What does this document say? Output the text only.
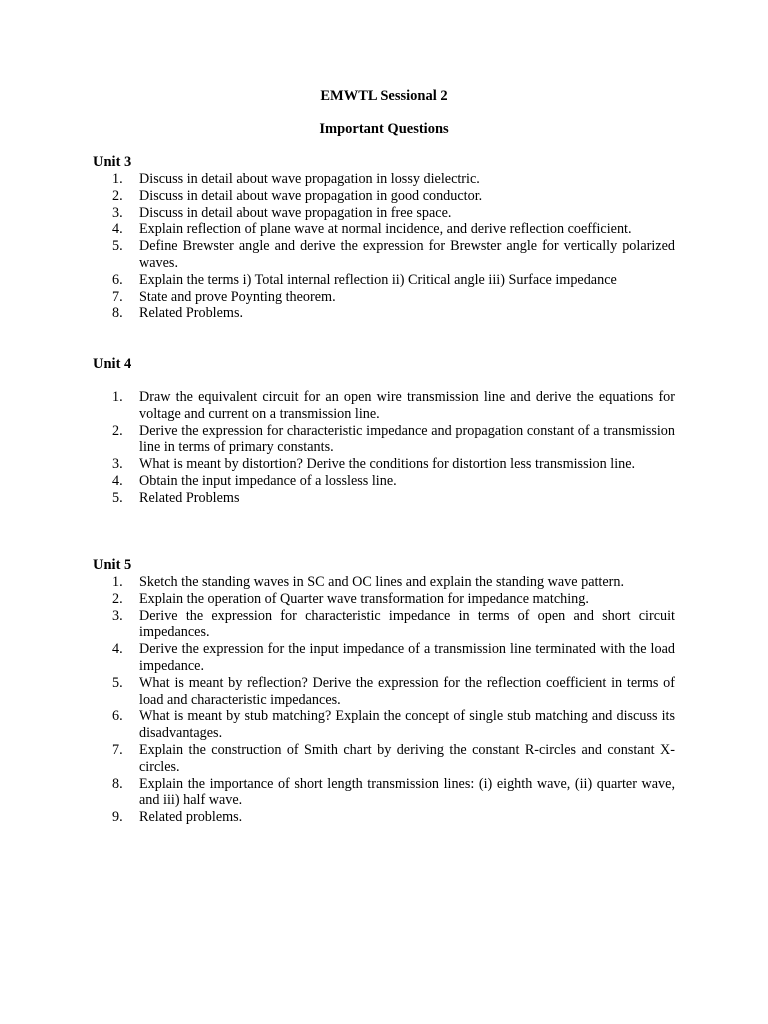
EMWTL Sessional 2
Important Questions
Unit 3
1. Discuss in detail about wave propagation in lossy dielectric.
2. Discuss in detail about wave propagation in good conductor.
3. Discuss in detail about wave propagation in free space.
4. Explain reflection of plane wave at normal incidence, and derive reflection coefficient.
5. Define Brewster angle and derive the expression for Brewster angle for vertically polarized waves.
6. Explain the terms i) Total internal reflection ii) Critical angle iii) Surface impedance
7. State and prove Poynting theorem.
8. Related Problems.
Unit 4
1. Draw the equivalent circuit for an open wire transmission line and derive the equations for voltage and current on a transmission line.
2. Derive the expression for characteristic impedance and propagation constant of a transmission line in terms of primary constants.
3. What is meant by distortion? Derive the conditions for distortion less transmission line.
4. Obtain the input impedance of a lossless line.
5. Related Problems
Unit 5
1. Sketch the standing waves in SC and OC lines and explain the standing wave pattern.
2. Explain the operation of Quarter wave transformation for impedance matching.
3. Derive the expression for characteristic impedance in terms of open and short circuit impedances.
4. Derive the expression for the input impedance of a transmission line terminated with the load impedance.
5. What is meant by reflection? Derive the expression for the reflection coefficient in terms of load and characteristic impedances.
6. What is meant by stub matching? Explain the concept of single stub matching and discuss its disadvantages.
7. Explain the construction of Smith chart by deriving the constant R-circles and constant X-circles.
8. Explain the importance of short length transmission lines: (i) eighth wave, (ii) quarter wave, and iii) half wave.
9. Related problems.
